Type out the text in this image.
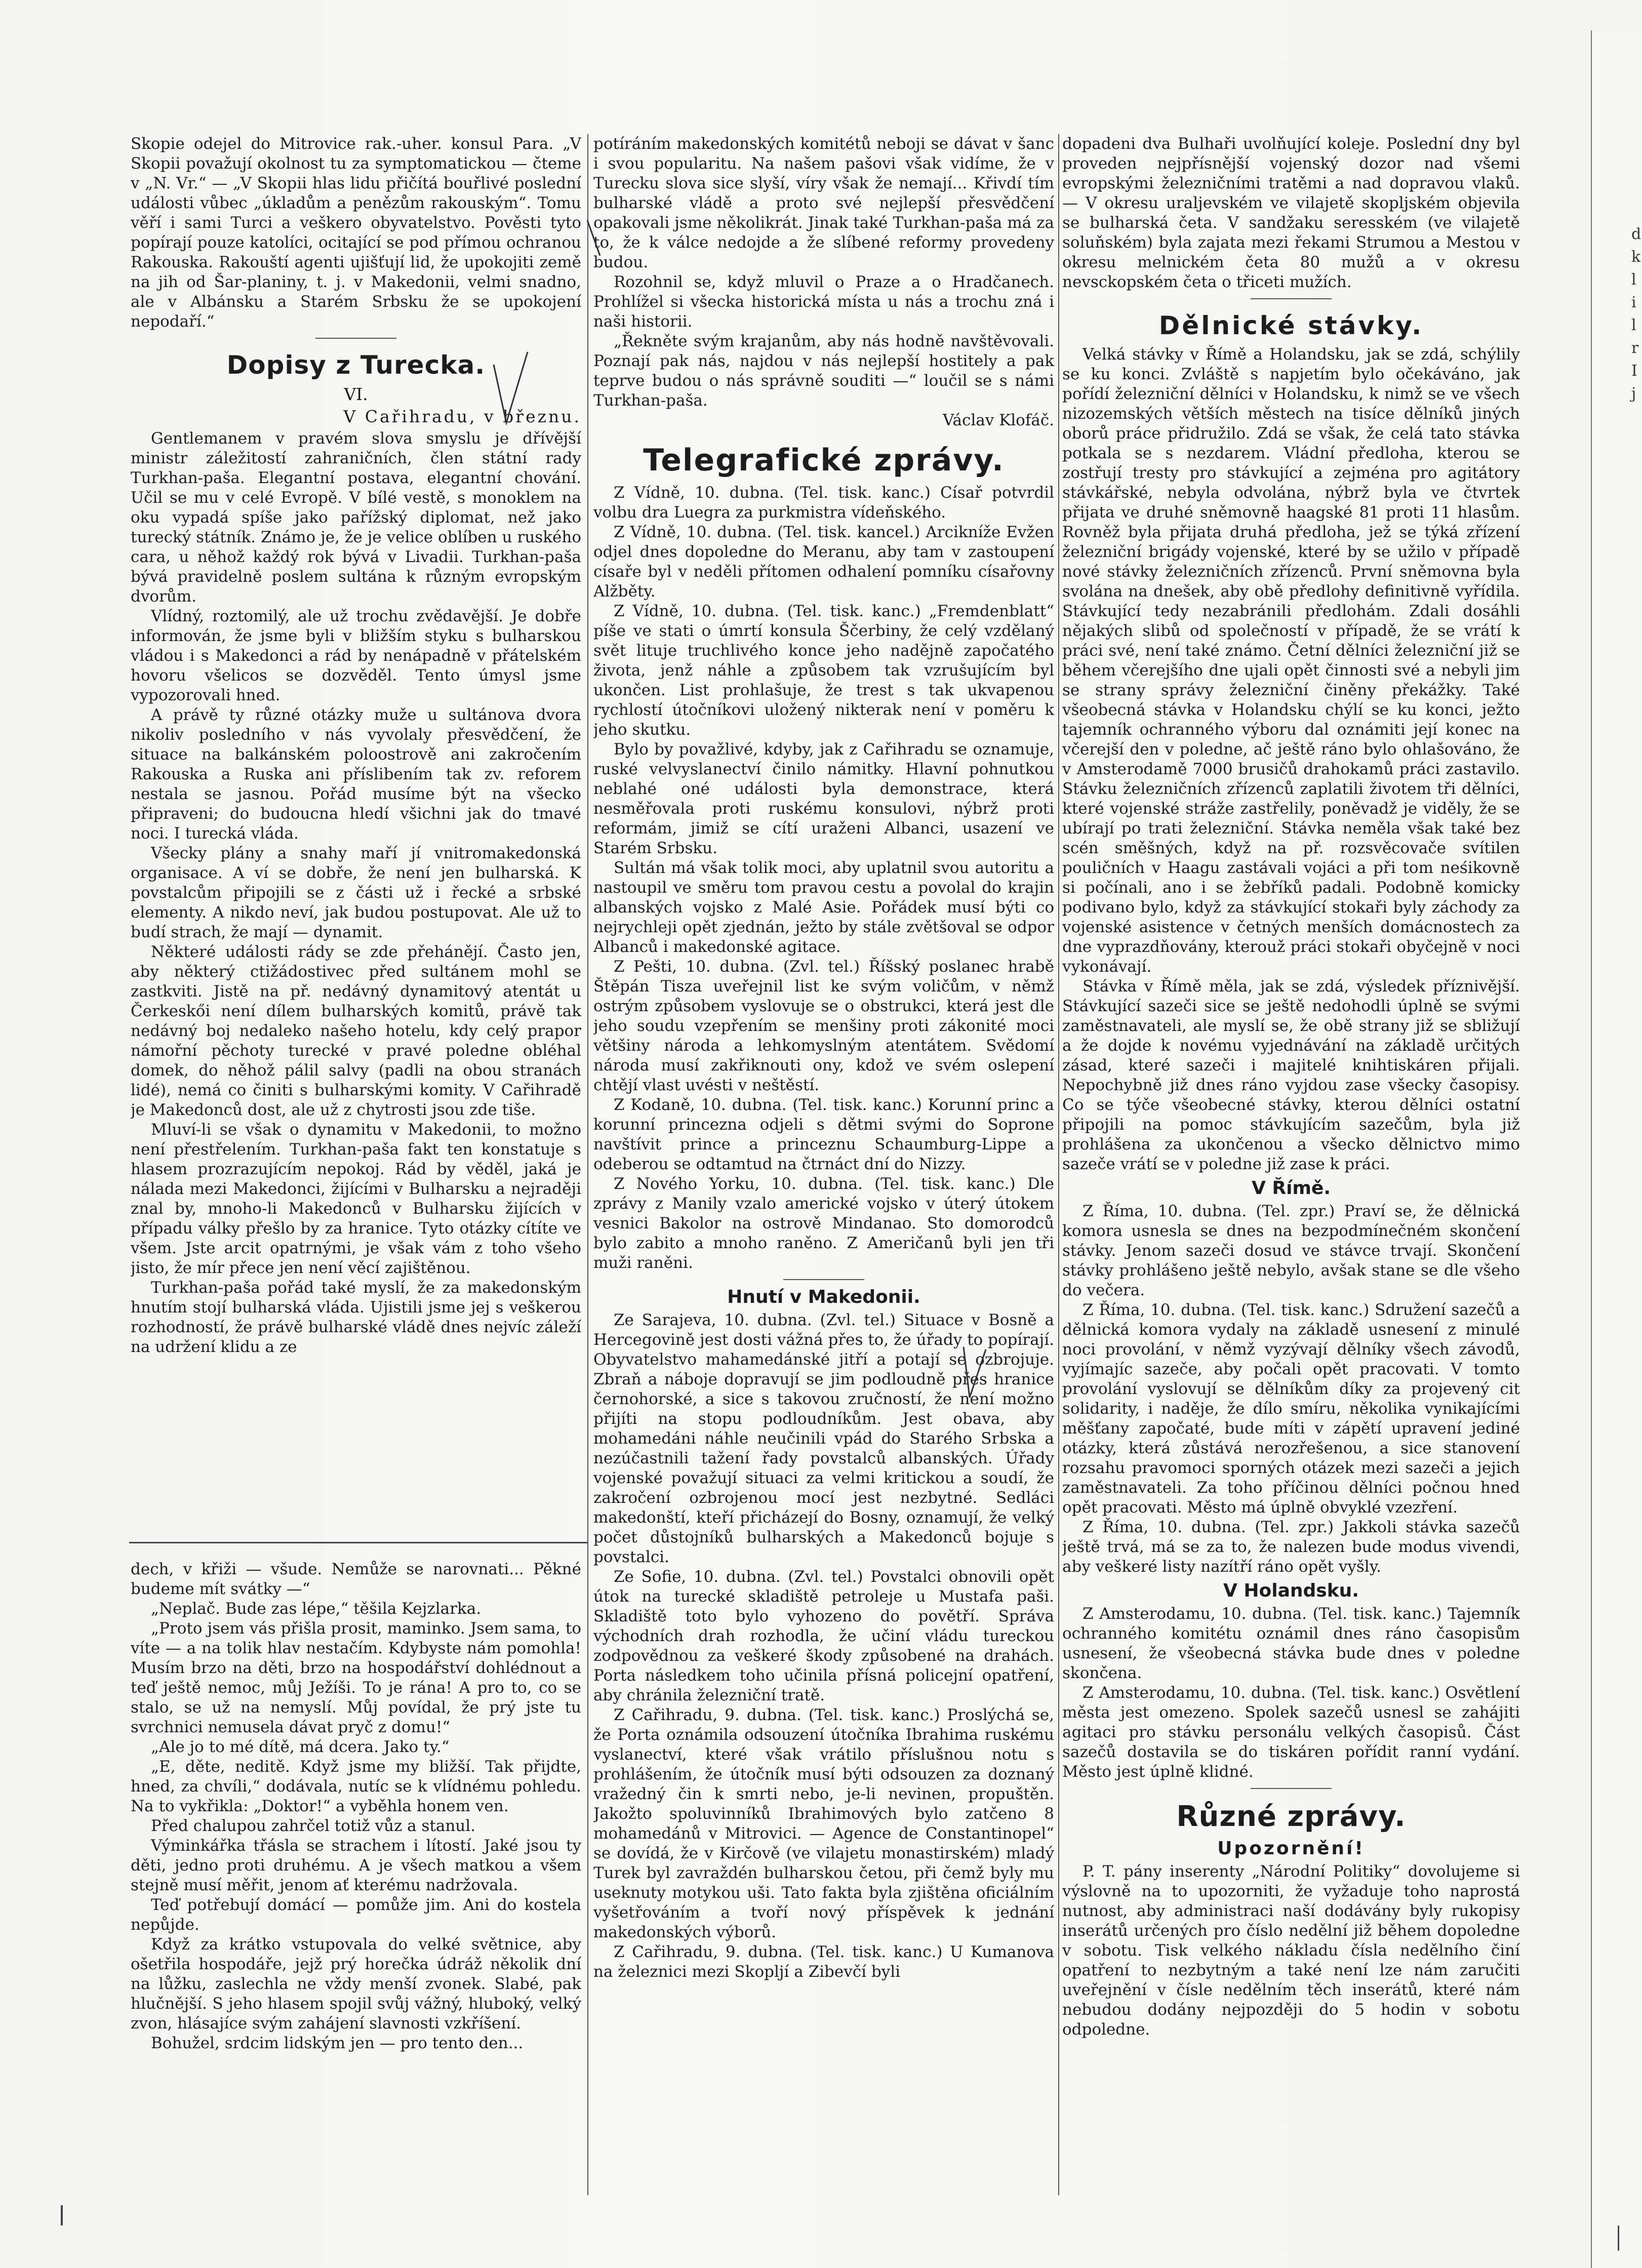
d
k
l
i
l
r
I
j

Skopie odejel do Mitrovice rak.-uher. konsul Para. „V Skopii považují okolnost tu za symptomatickou — čteme v „N. Vr.“ — „V Skopii hlas lidu přičítá bouřlivé poslední události vůbec „úkladům a penězům rakouským“. Tomu věří i sami Turci a veškero obyvatelstvo. Pověsti tyto popírají pouze katolíci, ocitající se pod přímou ochranou Rakouska. Rakouští agenti ujišťují lid, že upokojiti země na jih od Šar-planiny, t. j. v Makedonii, velmi snadno, ale v Albánsku a Starém Srbsku že se upokojení nepodaří.“

Dopisy z Turecka.
VI.
V Cařihradu, v březnu.

Gentlemanem v pravém slova smyslu je dřívější ministr záležitostí zahraničních, člen státní rady Turkhan-paša. Elegantní postava, elegantní chování. Učil se mu v celé Evropě. V bílé vestě, s monoklem na oku vypadá spíše jako pařížský diplomat, než jako turecký státník. Známo je, že je velice oblíben u ruského cara, u něhož každý rok bývá v Livadii. Turkhan-paša bývá pravidelně poslem sultána k různým evropským dvorům.

Vlídný, roztomilý, ale už trochu zvědavější. Je dobře informován, že jsme byli v bližším styku s bulharskou vládou i s Makedonci a rád by nenápadně v přátelském hovoru všelicos se dozvěděl. Tento úmysl jsme vypozorovali hned.

A právě ty různé otázky muže u sultánova dvora nikoliv posledního v nás vyvolaly přesvědčení, že situace na balkánském poloostrově ani zakročením Rakouska a Ruska ani příslibením tak zv. reforem nestala se jasnou. Pořád musíme být na všecko připraveni; do budoucna hledí všichni jak do tmavé noci. I turecká vláda.

Všecky plány a snahy maří jí vnitromakedonská organisace. A ví se dobře, že není jen bulharská. K povstalcům připojili se z části už i řecké a srbské elementy. A nikdo neví, jak budou postupovat. Ale už to budí strach, že mají — dynamit.

Některé události rády se zde přehánějí. Často jen, aby některý ctižádostivec před sultánem mohl se zastkviti. Jistě na př. nedávný dynamitový atentát u Čerkeskői není dílem bulharských komitů, právě tak nedávný boj nedaleko našeho hotelu, kdy celý prapor námořní pěchoty turecké v pravé poledne obléhal domek, do něhož pálil salvy (padli na obou stranách lidé), nemá co činiti s bulharskými komity. V Cařihradě je Makedonců dost, ale už z chytrosti jsou zde tiše.

Mluví-li se však o dynamitu v Makedonii, to možno není přestřelením. Turkhan-paša fakt ten konstatuje s hlasem prozrazujícím nepokoj. Rád by věděl, jaká je nálada mezi Makedonci, žijícími v Bulharsku a nejraději znal by, mnoho-li Makedonců v Bulharsku žijících v případu války přešlo by za hranice. Tyto otázky cítíte ve všem. Jste arcit opatrnými, je však vám z toho všeho jisto, že mír přece jen není věcí zajištěnou.

Turkhan-paša pořád také myslí, že za makedonským hnutím stojí bulharská vláda. Ujistili jsme jej s veškerou rozhodností, že právě bulharské vládě dnes nejvíc záleží na udržení klidu a ze

dech, v křiži — všude. Nemůže se narovnati... Pěkné budeme mít svátky —“

„Neplač. Bude zas lépe,“ těšila Kejzlarka.

„Proto jsem vás přišla prosit, maminko. Jsem sama, to víte — a na tolik hlav nestačím. Kdybyste nám pomohla! Musím brzo na děti, brzo na hospodářství dohlédnout a teď ještě nemoc, můj Ježíši. To je rána! A pro to, co se stalo, se už na nemyslí. Můj povídal, že prý jste tu svrchnici nemusela dávat pryč z domu!“

„Ale jo to mé dítě, má dcera. Jako ty.“

„E, děte, neditě. Když jsme my bližší. Tak přijdte, hned, za chvíli,“ dodávala, nutíc se k vlídnému pohledu. Na to vykřikla: „Doktor!“ a vyběhla honem ven.

Před chalupou zahrčel totiž vůz a stanul.

Výminkářka třásla se strachem i lítostí. Jaké jsou ty děti, jedno proti druhému. A je všech matkou a všem stejně musí měřit, jenom ať kterému nadržovala.

Teď potřebují domácí — pomůže jim. Ani do kostela nepůjde.

Když za krátko vstupovala do velké světnice, aby ošetřila hospodáře, jejž prý horečka údráž několik dní na lůžku, zaslechla ne vždy menší zvonek. Slabé, pak hlučnější. S jeho hlasem spojil svůj vážný, hluboký, velký zvon, hlásajíce svým zahájení slavnosti vzkříšení.

Bohužel, srdcim lidským jen — pro tento den...

potíráním makedonských komitétů neboji se dávat v šanc i svou popularitu. Na našem pašovi však vidíme, že v Turecku slova sice slyší, víry však že nemají... Křivdí tím bulharské vládě a proto své nejlepší přesvědčení opakovali jsme několikrát. Jinak také Turkhan-paša má za to, že k válce nedojde a že slíbené reformy provedeny budou.

Rozohnil se, když mluvil o Praze a o Hradčanech. Prohlížel si všecka historická místa u nás a trochu zná i naši historii.

„Řekněte svým krajanům, aby nás hodně navštěvovali. Poznají pak nás, najdou v nás nejlepší hostitely a pak teprve budou o nás správně souditi —“ loučil se s námi Turkhan-paša.

Václav Klofáč.

Telegrafické zprávy.

Z Vídně, 10. dubna. (Tel. tisk. kanc.) Císař potvrdil volbu dra Luegra za purkmistra vídeňského.

Z Vídně, 10. dubna. (Tel. tisk. kancel.) Arcikníže Evžen odjel dnes dopoledne do Meranu, aby tam v zastoupení císaře byl v neděli přítomen odhalení pomníku císařovny Alžběty.

Z Vídně, 10. dubna. (Tel. tisk. kanc.) „Fremdenblatt“ píše ve stati o úmrtí konsula Ščerbiny, že celý vzdělaný svět lituje truchlivého konce jeho nadějně započatého života, jenž náhle a způsobem tak vzrušujícím byl ukončen. List prohlašuje, že trest s tak ukvapenou rychlostí útočníkovi uložený nikterak není v poměru k jeho skutku.

Bylo by považlivé, kdyby, jak z Cařihradu se oznamuje, ruské velvyslanectví činilo námitky. Hlavní pohnutkou neblahé oné události byla demonstrace, která nesměřovala proti ruskému konsulovi, nýbrž proti reformám, jimiž se cítí uraženi Albanci, usazení ve Starém Srbsku.

Sultán má však tolik moci, aby uplatnil svou autoritu a nastoupil ve směru tom pravou cestu a povolal do krajin albanských vojsko z Malé Asie. Pořádek musí býti co nejrychleji opět zjednán, ježto by stále zvětšoval se odpor Albanců i makedonské agitace.

Z Pešti, 10. dubna. (Zvl. tel.) Říšský poslanec hrabě Štěpán Tisza uveřejnil list ke svým voličům, v němž ostrým způsobem vyslovuje se o obstrukci, která jest dle jeho soudu vzepřením se menšiny proti zákonité moci většiny národa a lehkomyslným atentátem. Svědomí národa musí zakřiknouti ony, kdož ve svém oslepení chtějí vlast uvésti v neštěstí.

Z Kodaně, 10. dubna. (Tel. tisk. kanc.) Korunní princ a korunní princezna odjeli s dětmi svými do Soprone navštívit prince a princeznu Schaumburg-Lippe a odeberou se odtamtud na čtrnáct dní do Nizzy.

Z Nového Yorku, 10. dubna. (Tel. tisk. kanc.) Dle zprávy z Manily vzalo americké vojsko v úterý útokem vesnici Bakolor na ostrově Mindanao. Sto domorodců bylo zabito a mnoho raněno. Z Američanů byli jen tři muži raněni.

Hnutí v Makedonii.

Ze Sarajeva, 10. dubna. (Zvl. tel.) Situace v Bosně a Hercegovině jest dosti vážná přes to, že úřady to popírají. Obyvatelstvo mahamedánské jitří a potají se ozbrojuje. Zbraň a náboje dopravují se jim podloudně přes hranice černohorské, a sice s takovou zručností, že není možno přijíti na stopu podloudníkům. Jest obava, aby mohamedáni náhle neučinili vpád do Starého Srbska a nezúčastnili tažení řady povstalců albanských. Úřady vojenské považují situaci za velmi kritickou a soudí, že zakročení ozbrojenou mocí jest nezbytné. Sedláci makedonští, kteří přicházejí do Bosny, oznamují, že velký počet důstojníků bulharských a Makedonců bojuje s povstalci.

Ze Sofie, 10. dubna. (Zvl. tel.) Povstalci obnovili opět útok na turecké skladiště petroleje u Mustafa paši. Skladiště toto bylo vyhozeno do povětří. Správa východních drah rozhodla, že učiní vládu tureckou zodpovědnou za veškeré škody způsobené na drahách. Porta následkem toho učinila přísná policejní opatření, aby chránila železniční tratě.

Z Cařihradu, 9. dubna. (Tel. tisk. kanc.) Proslýchá se, že Porta oznámila odsouzení útočníka Ibrahima ruskému vyslanectví, které však vrátilo příslušnou notu s prohlášením, že útočník musí býti odsouzen za doznaný vražedný čin k smrti nebo, je-li nevinen, propuštěn. Jakožto spoluvinníků Ibrahimových bylo zatčeno 8 mohamedánů v Mitrovici. — Agence de Constantinopel“ se dovídá, že v Kirčově (ve vilajetu monastirském) mladý Turek byl zavraždén bulharskou četou, při čemž byly mu useknuty motykou uši. Tato fakta byla zjištěna oficiálním vyšetřováním a tvoří nový příspěvek k jednání makedonských výborů.

Z Cařihradu, 9. dubna. (Tel. tisk. kanc.) U Kumanova na železnici mezi Skopljí a Zibevčí byli

dopadeni dva Bulhaři uvolňující koleje. Poslední dny byl proveden nejpřísnější vojenský dozor nad všemi evropskými železničními tratěmi a nad dopravou vlaků. — V okresu uraljevském ve vilajetě skopljském objevila se bulharská četa. V sandžaku seresském (ve vilajetě soluňském) byla zajata mezi řekami Strumou a Mestou v okresu melnickém četa 80 mužů a v okresu nevsckopském četa o třiceti mužích.

Dělnické stávky.

Velká stávky v Římě a Holandsku, jak se zdá, schýlily se ku konci. Zvláště s napjetím bylo očekáváno, jak pořídí železniční dělníci v Holandsku, k nimž se ve všech nizozemských větších městech na tisíce dělníků jiných oborů práce přidružilo. Zdá se však, že celá tato stávka potkala se s nezdarem. Vládní předloha, kterou se zostřují tresty pro stávkující a zejména pro agitátory stávkářské, nebyla odvolána, nýbrž byla ve čtvrtek přijata ve druhé sněmovně haagské 81 proti 11 hlasům. Rovněž byla přijata druhá předloha, jež se týká zřízení železniční brigády vojenské, které by se užilo v případě nové stávky železničních zřízenců. První sněmovna byla svolána na dnešek, aby obě předlohy definitivně vyřídila. Stávkující tedy nezabránili předlohám. Zdali dosáhli nějakých slibů od společností v případě, že se vrátí k práci své, není také známo. Četní dělníci železniční již se během včerejšího dne ujali opět činnosti své a nebyli jim se strany správy železniční činěny překážky. Také všeobecná stávka v Holandsku chýlí se ku konci, ježto tajemník ochranného výboru dal oznámiti její konec na včerejší den v poledne, ač ještě ráno bylo ohlašováno, že v Amsterodamě 7000 brusičů drahokamů práci zastavilo. Stávku železničních zřízenců zaplatili životem tři dělníci, které vojenské stráže zastřelily, poněvadž je viděly, že se ubírají po trati železniční. Stávka neměla však také bez scén směšných, když na př. rozsvěcovače svítilen pouličních v Haagu zastávali vojáci a při tom neśikovně si počínali, ano i se žebříků padali. Podobně komicky podivano bylo, když za stávkující stokaři byly záchody za vojenské asistence v četných menších domácnostech za dne vyprazdňovány, kterouž práci stokaři obyčejně v noci vykonávají.

Stávka v Římě měla, jak se zdá, výsledek příznivější. Stávkující sazeči sice se ještě nedohodli úplně se svými zaměstnavateli, ale myslí se, že obě strany již se sbližují a že dojde k novému vyjednávání na základě určitých zásad, které sazeči i majitelé knihtiskáren přijali. Nepochybně již dnes ráno vyjdou zase všecky časopisy. Co se týče všeobecné stávky, kterou dělníci ostatní připojili na pomoc stávkujícím sazečům, byla již prohlášena za ukončenou a všecko dělnictvo mimo sazeče vrátí se v poledne již zase k práci.

V Římě.

Z Říma, 10. dubna. (Tel. zpr.) Praví se, že dělnická komora usnesla se dnes na bezpodmínečném skončení stávky. Jenom sazeči dosud ve stávce trvají. Skončení stávky prohlášeno ještě nebylo, avšak stane se dle všeho do večera.

Z Říma, 10. dubna. (Tel. tisk. kanc.) Sdružení sazečů a dělnická komora vydaly na základě usnesení z minulé noci provolání, v němž vyzývají dělníky všech závodů, vyjímajíc sazeče, aby počali opět pracovati. V tomto provolání vyslovují se dělníkům díky za projevený cit solidarity, i naděje, že dílo smíru, několika vynikajícími měšťany započaté, bude míti v zápětí upravení jediné otázky, která zůstává nerozřešenou, a sice stanovení rozsahu pravomoci sporných otázek mezi sazeči a jejich zaměstnavateli. Za toho příčinou dělníci počnou hned opět pracovati. Město má úplně obvyklé vzezření.

Z Říma, 10. dubna. (Tel. zpr.) Jakkoli stávka sazečů ještě trvá, má se za to, že nalezen bude modus vivendi, aby veškeré listy nazítří ráno opět vyšly.

V Holandsku.

Z Amsterodamu, 10. dubna. (Tel. tisk. kanc.) Tajemník ochranného komitétu oznámil dnes ráno časopisům usnesení, že všeobecná stávka bude dnes v poledne skončena.

Z Amsterodamu, 10. dubna. (Tel. tisk. kanc.) Osvětlení města jest omezeno. Spolek sazečů usnesl se zahájiti agitaci pro stávku personálu velkých časopisů. Část sazečů dostavila se do tiskáren pořídit ranní vydání. Město jest úplně klidné.

Různé zprávy.
Upozornění!

P. T. pány inserenty „Národní Politiky“ dovolujeme si výslovně na to upozorniti, že vyžaduje toho naprostá nutnost, aby administraci naší dodávány byly rukopisy inserátů určených pro číslo nedělní již během dopoledne v sobotu. Tisk velkého nákladu čísla nedělního činí opatření to nezbytným a také není lze nám zaručiti uveřejnění v čísle nedělním těch inserátů, které nám nebudou dodány nejpozději do 5 hodin v sobotu odpoledne.
